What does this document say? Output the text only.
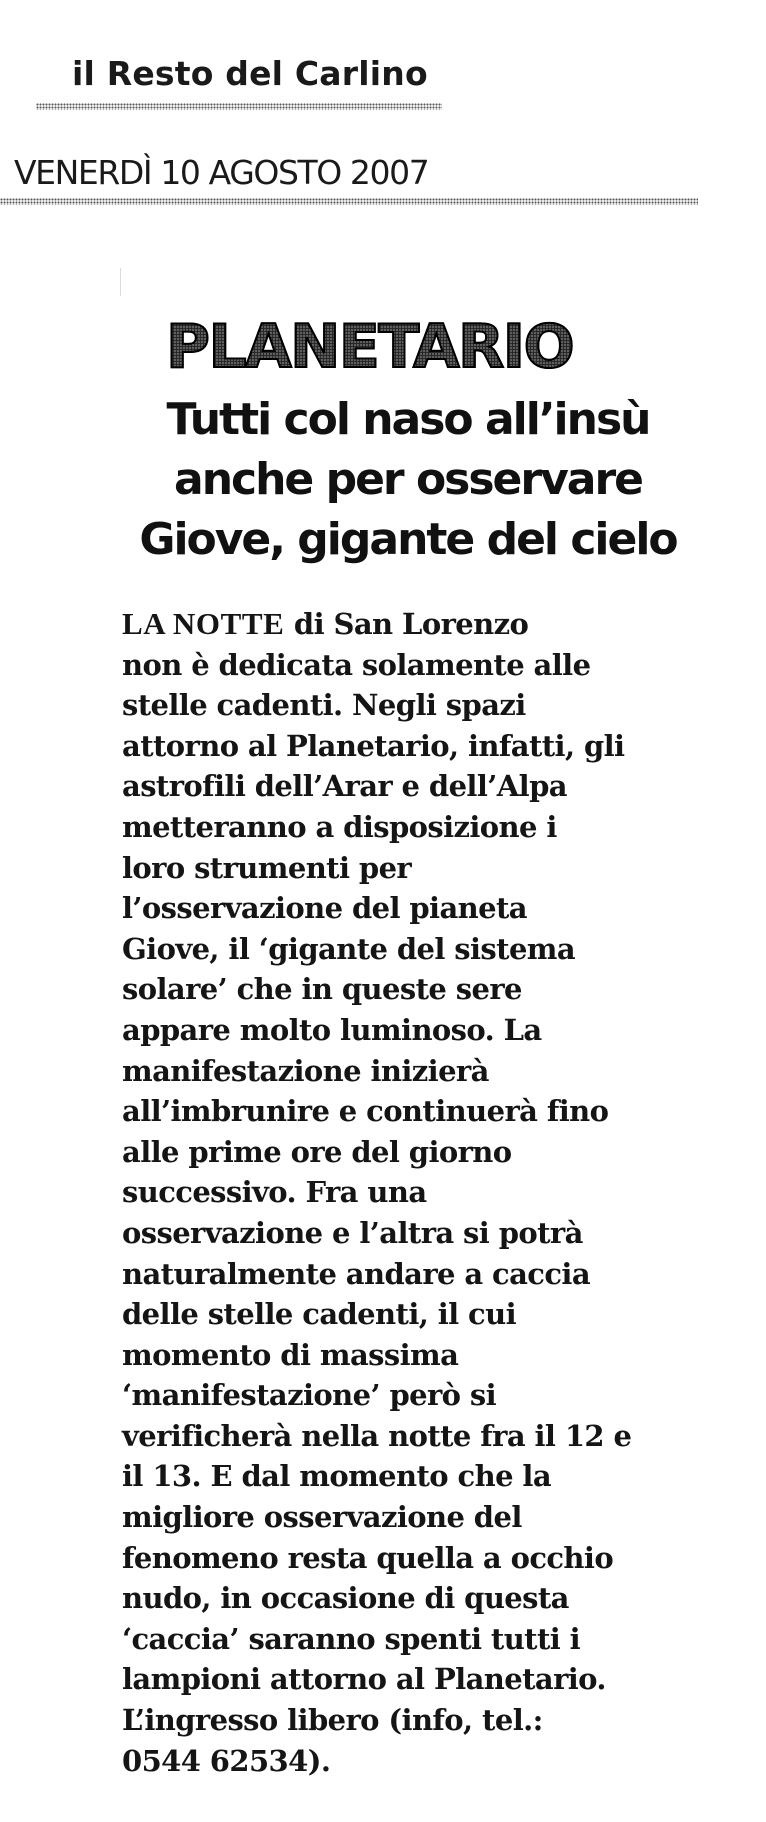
il Resto del Carlino
VENERDÌ 10 AGOSTO 2007
PLANETARIO
Tutti col naso all’insù
anche per osservare
Giove, gigante del cielo
LA NOTTE di San Lorenzo
non è dedicata solamente alle
stelle cadenti. Negli spazi
attorno al Planetario, infatti, gli
astrofili dell’Arar e dell’Alpa
metteranno a disposizione i
loro strumenti per
l’osservazione del pianeta
Giove, il ‘gigante del sistema
solare’ che in queste sere
appare molto luminoso. La
manifestazione inizierà
all’imbrunire e continuerà fino
alle prime ore del giorno
successivo. Fra una
osservazione e l’altra si potrà
naturalmente andare a caccia
delle stelle cadenti, il cui
momento di massima
‘manifestazione’ però si
verificherà nella notte fra il 12 e
il 13. E dal momento che la
migliore osservazione del
fenomeno resta quella a occhio
nudo, in occasione di questa
‘caccia’ saranno spenti tutti i
lampioni attorno al Planetario.
L’ingresso libero (info, tel.:
0544 62534).
